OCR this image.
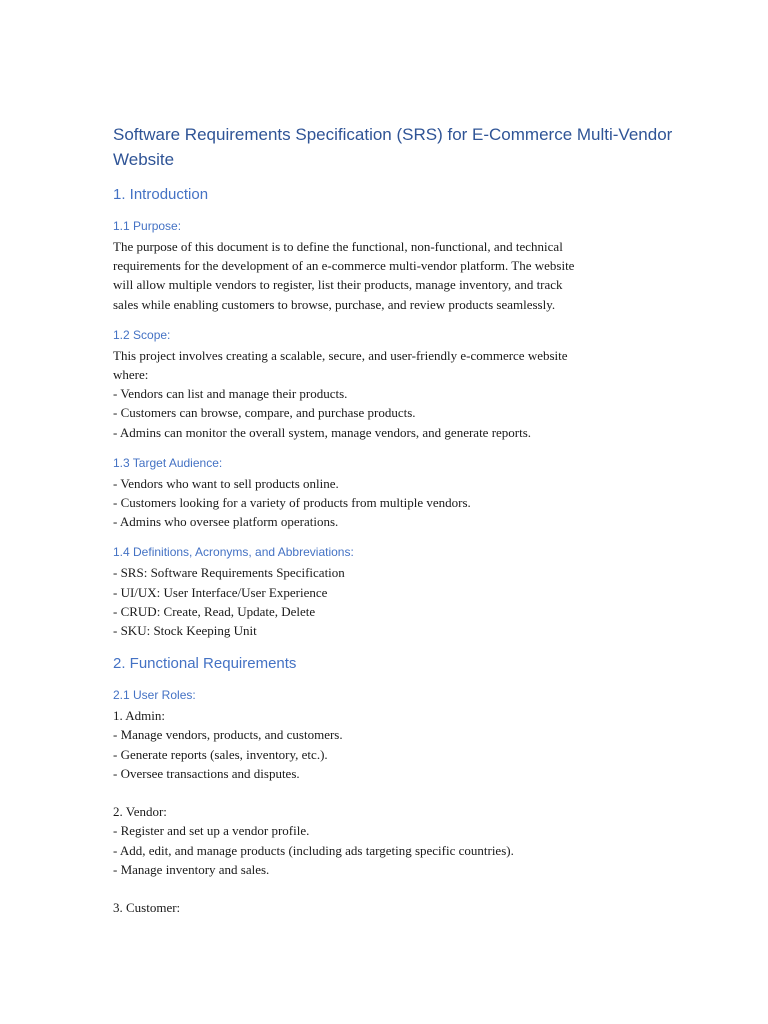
Software Requirements Specification (SRS) for E-Commerce Multi-Vendor
Website
1. Introduction
1.1 Purpose:

The purpose of this document is to define the functional, non-functional, and technical
requirements for the development of an e-commerce multi-vendor platform. The website
will allow multiple vendors to register, list their products, manage inventory, and track
sales while enabling customers to browse, purchase, and review products seamlessly.

1.2 Scope:

This project involves creating a scalable, secure, and user-friendly e-commerce website
where:
- Vendors can list and manage their products.
- Customers can browse, compare, and purchase products.
- Admins can monitor the overall system, manage vendors, and generate reports.

1.3 Target Audience:

- Vendors who want to sell products online.
- Customers looking for a variety of products from multiple vendors.
- Admins who oversee platform operations.

1.4 Definitions, Acronyms, and Abbreviations:

- SRS: Software Requirements Specification
- UI/UX: User Interface/User Experience
- CRUD: Create, Read, Update, Delete
- SKU: Stock Keeping Unit

2. Functional Requirements
2.1 User Roles:

1. Admin:
- Manage vendors, products, and customers.
- Generate reports (sales, inventory, etc.).
- Oversee transactions and disputes.
2. Vendor:
- Register and set up a vendor profile.
- Add, edit, and manage products (including ads targeting specific countries).
- Manage inventory and sales.
3. Customer:
